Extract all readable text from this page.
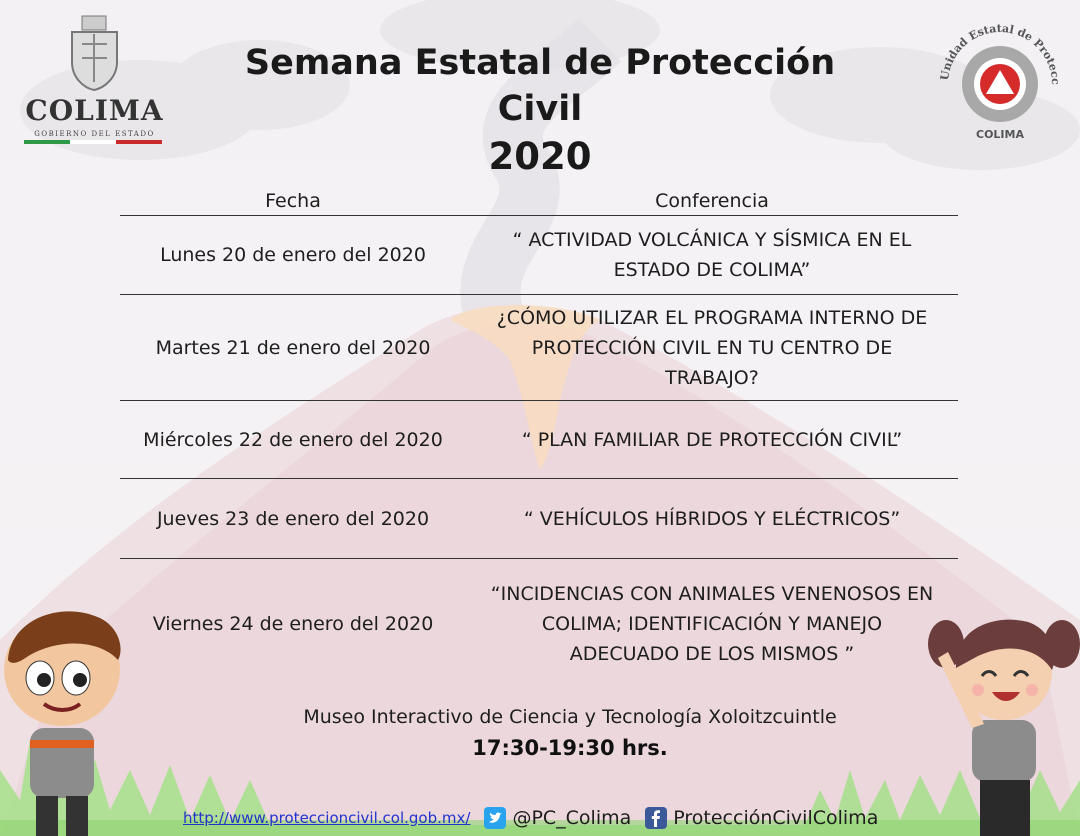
COLIMA
GOBIERNO DEL ESTADO
Unidad Estatal de Protecc
COLIMA
Semana Estatal de Protección Civil
2020
Fecha	Conferencia
Lunes 20 de enero del 2020	“ ACTIVIDAD VOLCÁNICA Y SÍSMICA EN EL
ESTADO DE COLIMA”

Martes 21 de enero del 2020	¿CÓMO UTILIZAR EL PROGRAMA INTERNO DE
PROTECCIÓN CIVIL EN TU CENTRO DE
TRABAJO?

Miércoles 22 de enero del 2020	“ PLAN FAMILIAR DE PROTECCIÓN CIVIL”

Jueves 23 de enero del 2020	“ VEHÍCULOS HÍBRIDOS Y ELÉCTRICOS”

Viernes 24 de enero del 2020	“INCIDENCIAS CON ANIMALES VENENOSOS EN
COLIMA; IDENTIFICACIÓN Y MANEJO
ADECUADO DE LOS MISMOS ”
Museo Interactivo de Ciencia y Tecnología Xoloitzcuintle
17:30-19:30 hrs.
http://www.proteccioncivil.col.gob.mx/ @PC_Colima ProtecciónCivilColima
